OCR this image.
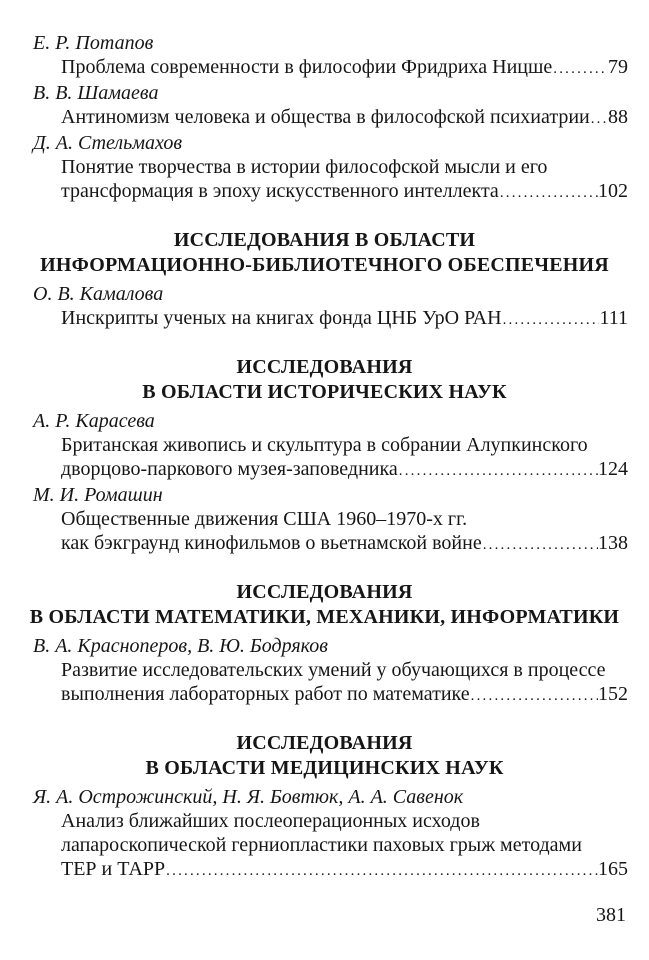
Е. Р. Потапов
Проблема современности в философии Фридриха Ницше .....	79
В. В. Шамаева
Антиномизм человека и общества в философской психиатрии ..... 88
Д. А. Стельмахов
Понятие творчества в истории философской мысли и его
трансформация в эпоху искусственного интеллекта .....	102
ИССЛЕДОВАНИЯ В ОБЛАСТИ
ИНФОРМАЦИОННО-БИБЛИОТЕЧНОГО ОБЕСПЕЧЕНИЯ
О. В. Камалова
Инскрипты ученых на книгах фонда ЦНБ УрО РАН .....	111
ИССЛЕДОВАНИЯ
В ОБЛАСТИ ИСТОРИЧЕСКИХ НАУК
А. Р. Карасева
Британская живопись и скульптура в собрании Алупкинского
дворцово-паркового музея-заповедника .....	124
М. И. Ромашин
Общественные движения США 1960–1970-х гг.
как бэкграунд кинофильмов о вьетнамской войне .....	138
ИССЛЕДОВАНИЯ
В ОБЛАСТИ МАТЕМАТИКИ, МЕХАНИКИ, ИНФОРМАТИКИ
В. А. Красноперов, В. Ю. Бодряков
Развитие исследовательских умений у обучающихся в процессе
выполнения лабораторных работ по математике .....	152
ИССЛЕДОВАНИЯ
В ОБЛАСТИ МЕДИЦИНСКИХ НАУК
Я. А. Острожинский, Н. Я. Бовтюк, А. А. Савенок
Анализ ближайших послеоперационных исходов
лапароскопической герниопластики паховых грыж методами
ТЕР и ТАРР .....	165
381
